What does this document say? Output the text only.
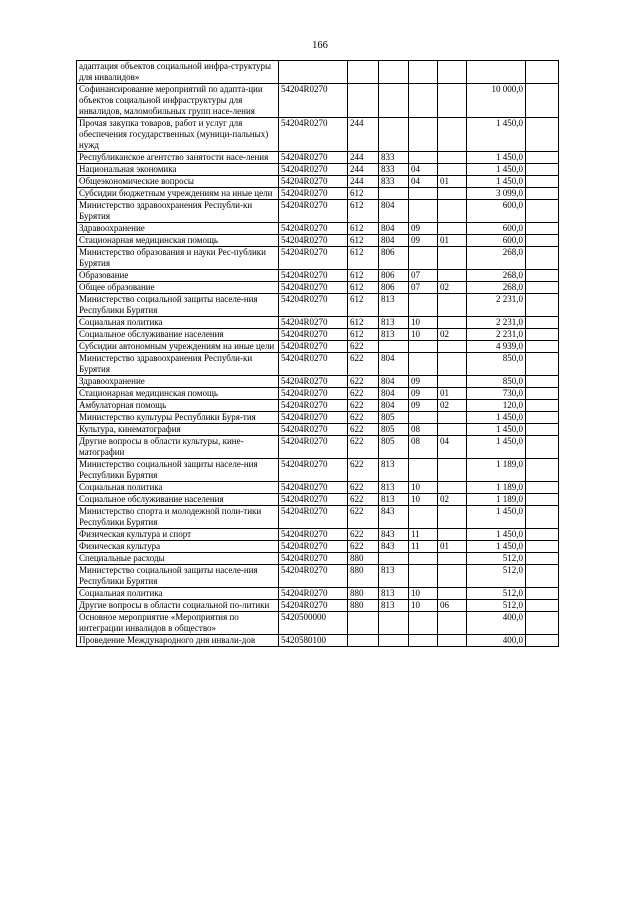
166
адаптация объектов социальной инфра-структуры для инвалидов»							
Софинансирование мероприятий по адапта-ции объектов социальной инфраструктуры для инвалидов, маломобильных групп насе-ления	54204R0270					10 000,0	
Прочая закупка товаров, работ и услуг для обеспечения государственных (муници-пальных) нужд	54204R0270	244				1 450,0	
Республиканское агентство занятости насе-ления	54204R0270	244	833			1 450,0	
Национальная экономика	54204R0270	244	833	04		1 450,0	
Общеэкономические вопросы	54204R0270	244	833	04	01	1 450,0	
Субсидии бюджетным учреждениям на иные цели	54204R0270	612				3 099,0	
Министерство здравоохранения Республи-ки Бурятия	54204R0270	612	804			600,0	
Здравоохранение	54204R0270	612	804	09		600,0	
Стационарная медицинская помощь	54204R0270	612	804	09	01	600,0	
Министерство образования и науки Рес-публики Бурятия	54204R0270	612	806			268,0	
Образование	54204R0270	612	806	07		268,0	
Общее образование	54204R0270	612	806	07	02	268,0	
Министерство социальной защиты населе-ния Республики Бурятия	54204R0270	612	813			2 231,0	
Социальная политика	54204R0270	612	813	10		2 231,0	
Социальное обслуживание населения	54204R0270	612	813	10	02	2 231,0	
Субсидии автономным учреждениям на иные цели	54204R0270	622				4 939,0	
Министерство здравоохранения Республи-ки Бурятия	54204R0270	622	804			850,0	
Здравоохранение	54204R0270	622	804	09		850,0	
Стационарная медицинская помощь	54204R0270	622	804	09	01	730,0	
Амбулаторная помощь	54204R0270	622	804	09	02	120,0	
Министерство культуры Республики Буря-тия	54204R0270	622	805			1 450,0	
Культура, кинематография	54204R0270	622	805	08		1 450,0	
Другие вопросы в области культуры, кине-матографии	54204R0270	622	805	08	04	1 450,0	
Министерство социальной защиты населе-ния Республики Бурятия	54204R0270	622	813			1 189,0	
Социальная политика	54204R0270	622	813	10		1 189,0	
Социальное обслуживание населения	54204R0270	622	813	10	02	1 189,0	
Министерство спорта и молодежной поли-тики Республики Бурятия	54204R0270	622	843			1 450,0	
Физическая культура и спорт	54204R0270	622	843	11		1 450,0	
Физическая культура	54204R0270	622	843	11	01	1 450,0	
Специальные расходы	54204R0270	880				512,0	
Министерство социальной защиты населе-ния Республики Бурятия	54204R0270	880	813			512,0	
Социальная политика	54204R0270	880	813	10		512,0	
Другие вопросы в области социальной по-литики	54204R0270	880	813	10	06	512,0	
Основное мероприятие «Мероприятия по интеграции инвалидов в общество»	5420500000					400,0	
Проведение Международного дня инвали-дов	5420580100					400,0	
